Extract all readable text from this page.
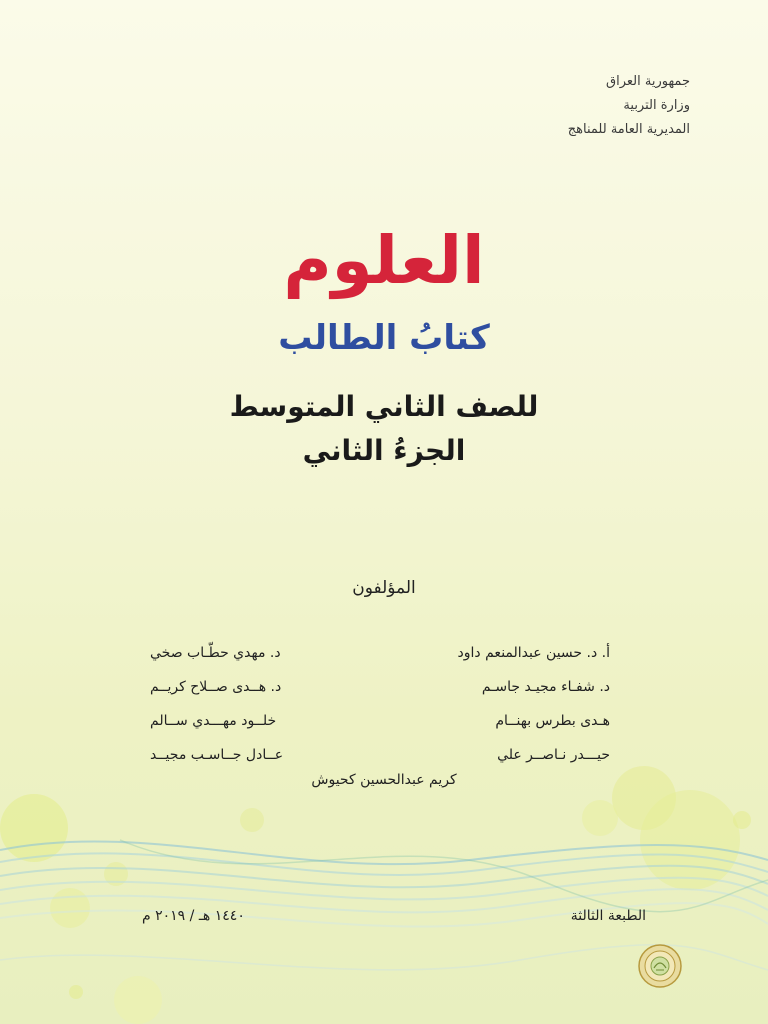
جمهورية العراق
وزارة التربية
المديرية العامة للمناهج
العلوم
كتابُ الطالب
للصف الثاني المتوسط
الجزءُ الثاني
المؤلفون
أ. د. حسين عبدالمنعم داود
د. مهدي حطّـاب صخي
د. شفـاء مجيـد جاسـم
د. هــدى صــلاح كريــم
هـدى بطرس بهنــام
خلــود مهـــدي ســالم
حيـــدر نـاصــر علي
عــادل جــاسـب مجيــد
كريم عبدالحسين كحيوش
الطبعة الثالثة
١٤٤٠ هـ / ٢٠١٩ م
